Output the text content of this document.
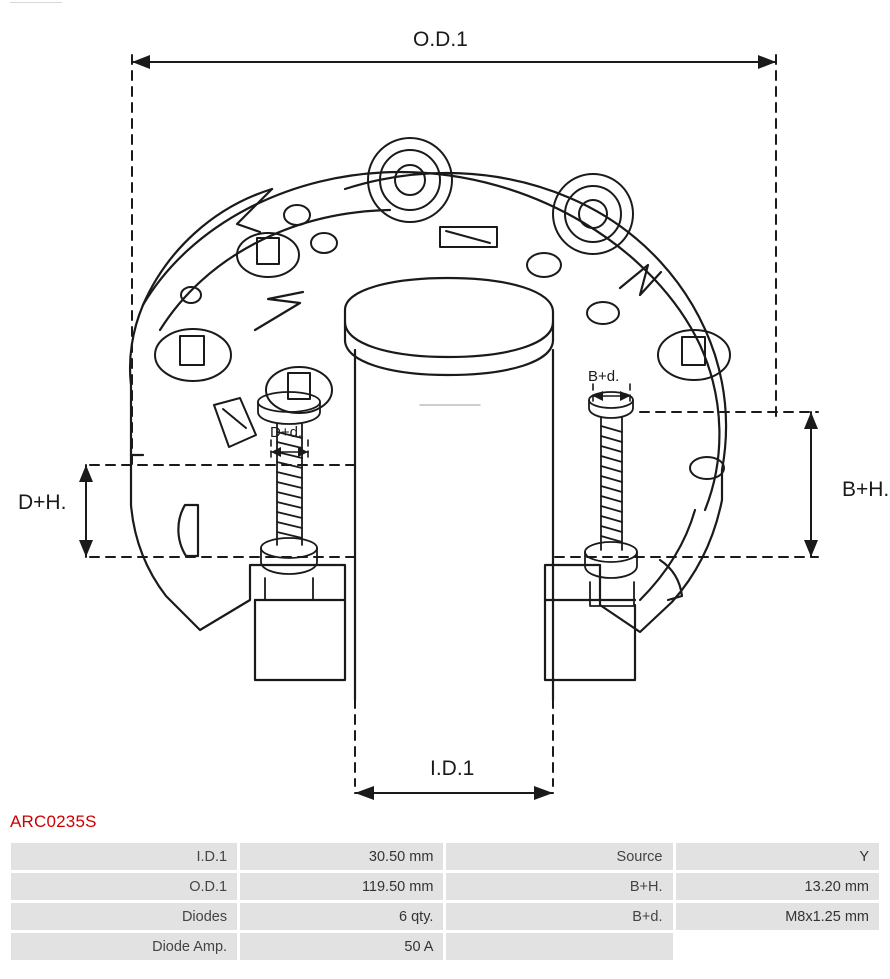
O.D.1
I.D.1
D+H.
B+H.
D+d.
B+d.
ARC0235S
I.D.1	30.50 mm	Source	Y
O.D.1	119.50 mm	B+H.	13.20 mm
Diodes	6 qty.	B+d.	M8x1.25 mm
Diode Amp.	50 A		
